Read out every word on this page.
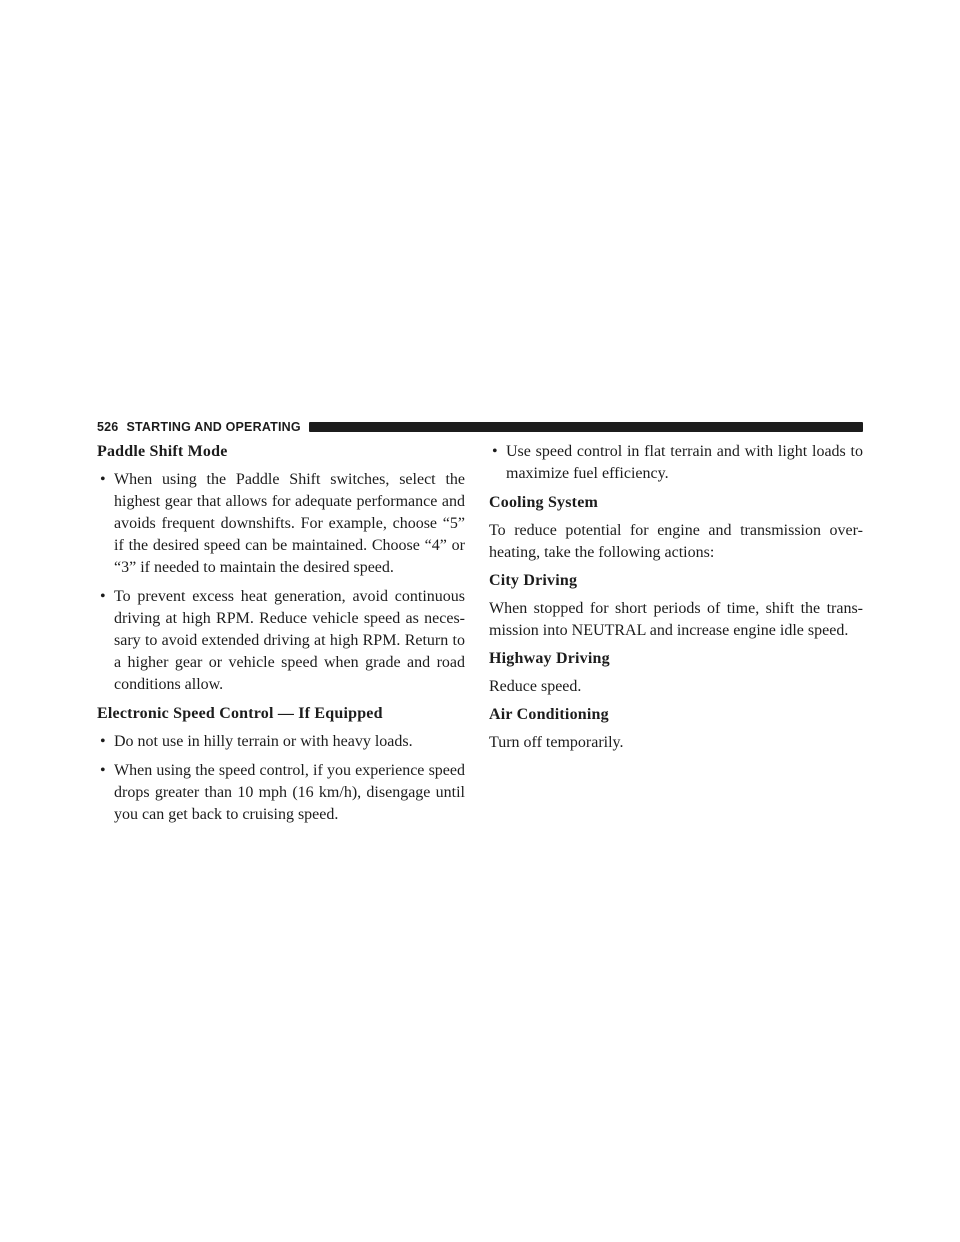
526 STARTING AND OPERATING
Paddle Shift Mode
• When using the Paddle Shift switches, select the highest gear that allows for adequate performance and avoids frequent downshifts. For example, choose “5” if the desired speed can be maintained. Choose “4” or “3” if needed to maintain the desired speed.
• To prevent excess heat generation, avoid continuous driving at high RPM. Reduce vehicle speed as neces-sary to avoid extended driving at high RPM. Return to a higher gear or vehicle speed when grade and road conditions allow.
Electronic Speed Control — If Equipped
• Do not use in hilly terrain or with heavy loads.
• When using the speed control, if you experience speed drops greater than 10 mph (16 km/h), disengage until you can get back to cruising speed.
• Use speed control in flat terrain and with light loads to maximize fuel efficiency.
Cooling System

To reduce potential for engine and transmission over-heating, take the following actions:

City Driving

When stopped for short periods of time, shift the trans-mission into NEUTRAL and increase engine idle speed.

Highway Driving

Reduce speed.

Air Conditioning

Turn off temporarily.
